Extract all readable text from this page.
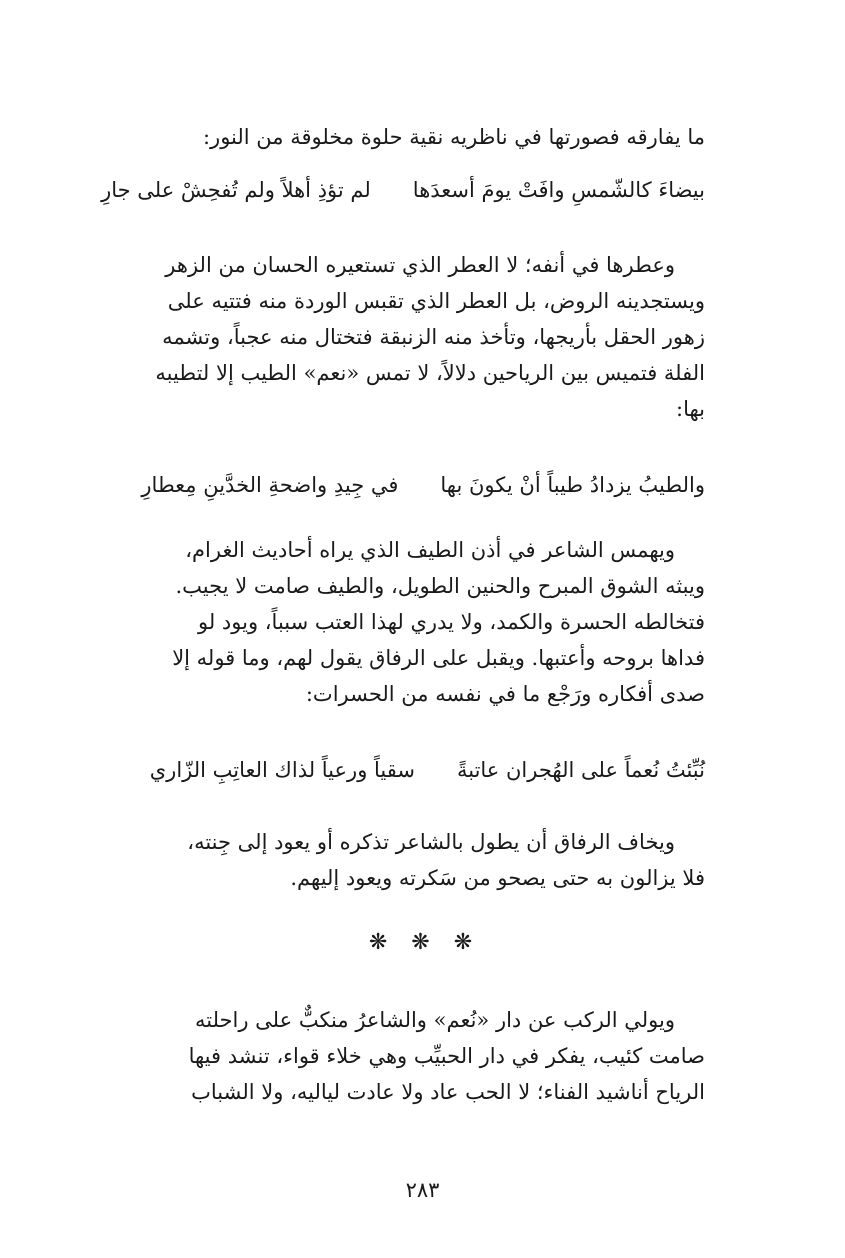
ما يفارقه فصورتها في ناظريه نقية حلوة مخلوقة من النور:
بيضاءَ كالشّمسِ وافَتْ يومَ أسعدَها
لم تؤذِ أهلاً ولم تُفحِشْ على جارِ
وعطرها في أنفه؛ لا العطر الذي تستعيره الحسان من الزهر
ويستجدينه الروض، بل العطر الذي تقبس الوردة منه فتتيه على
زهور الحقل بأريجها، وتأخذ منه الزنبقة فتختال منه عجباً، وتشمه
الفلة فتميس بين الرياحين دلالاً، لا تمس «نعم» الطيب إلا لتطيبه
بها:
والطيبُ يزدادُ طيباً أنْ يكونَ بها
في جِيدِ واضحةِ الخدَّينِ مِعطارِ
ويهمس الشاعر في أذن الطيف الذي يراه أحاديث الغرام،
ويبثه الشوق المبرح والحنين الطويل، والطيف صامت لا يجيب.
فتخالطه الحسرة والكمد، ولا يدري لهذا العتب سبباً، ويود لو
فداها بروحه وأعتبها. ويقبل على الرفاق يقول لهم، وما قوله إلا
صدى أفكاره ورَجْع ما في نفسه من الحسرات:
نُبِّئتُ نُعماً على الهُجران عاتبةً
سقياً ورعياً لذاك العاتِبِ الزّاري
ويخاف الرفاق أن يطول بالشاعر تذكره أو يعود إلى جِنته،
فلا يزالون به حتى يصحو من سَكرته ويعود إليهم.
❋❋❋
ويولي الركب عن دار «نُعم» والشاعرُ منكبٌّ على راحلته
صامت كئيب، يفكر في دار الحبيِّب وهي خلاء قواء، تنشد فيها
الرياح أناشيد الفناء؛ لا الحب عاد ولا عادت لياليه، ولا الشباب
٢٨٣
